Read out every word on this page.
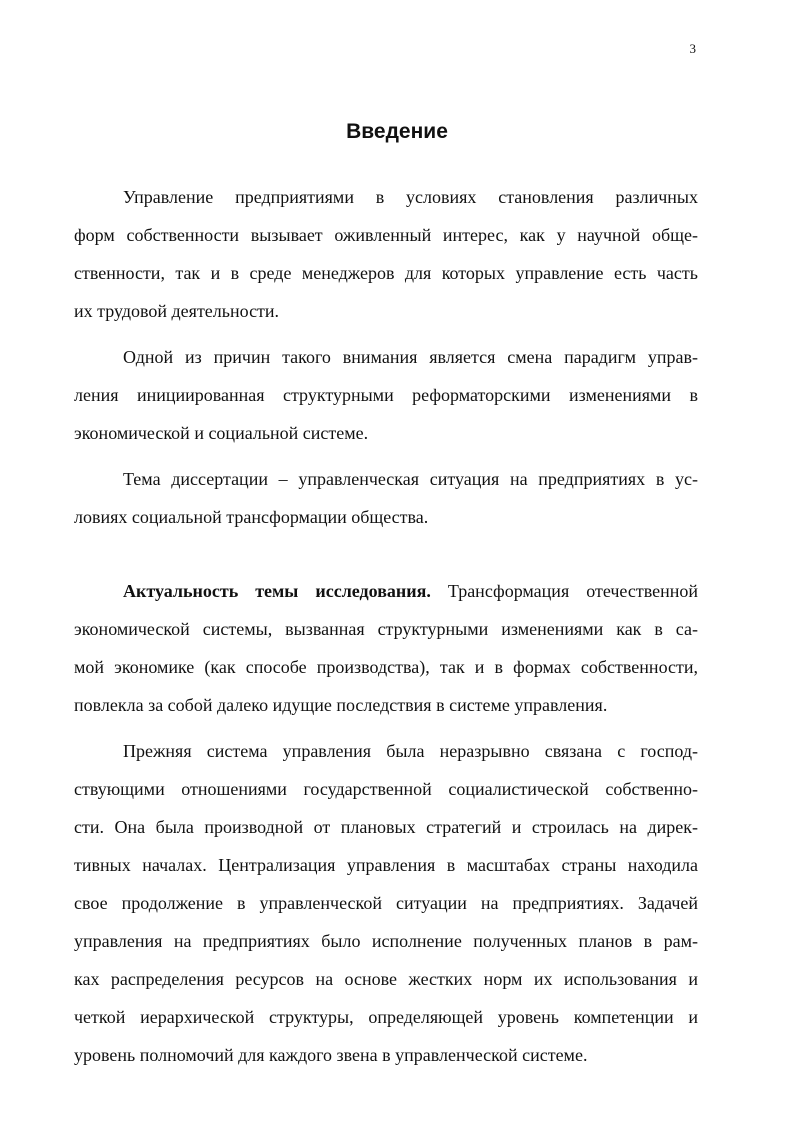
3
Введение
Управление предприятиями в условиях становления различных
форм собственности вызывает оживленный интерес, как у научной обще-
ственности, так и в среде менеджеров для которых управление есть часть
их трудовой деятельности.
Одной из причин такого внимания является смена парадигм управ-
ления инициированная структурными реформаторскими изменениями в
экономической и социальной системе.
Тема диссертации – управленческая ситуация на предприятиях в ус-
ловиях социальной трансформации общества.
Актуальность темы исследования. Трансформация отечественной
экономической системы, вызванная структурными изменениями как в са-
мой экономике (как способе производства), так и в формах собственности,
повлекла за собой далеко идущие последствия в системе управления.
Прежняя система управления была неразрывно связана с господ-
ствующими отношениями государственной социалистической собственно-
сти. Она была производной от плановых стратегий и строилась на дирек-
тивных началах. Централизация управления в масштабах страны находила
свое продолжение в управленческой ситуации на предприятиях. Задачей
управления на предприятиях было исполнение полученных планов в рам-
ках распределения ресурсов на основе жестких норм их использования и
четкой иерархической структуры, определяющей уровень компетенции и
уровень полномочий для каждого звена в управленческой системе.
